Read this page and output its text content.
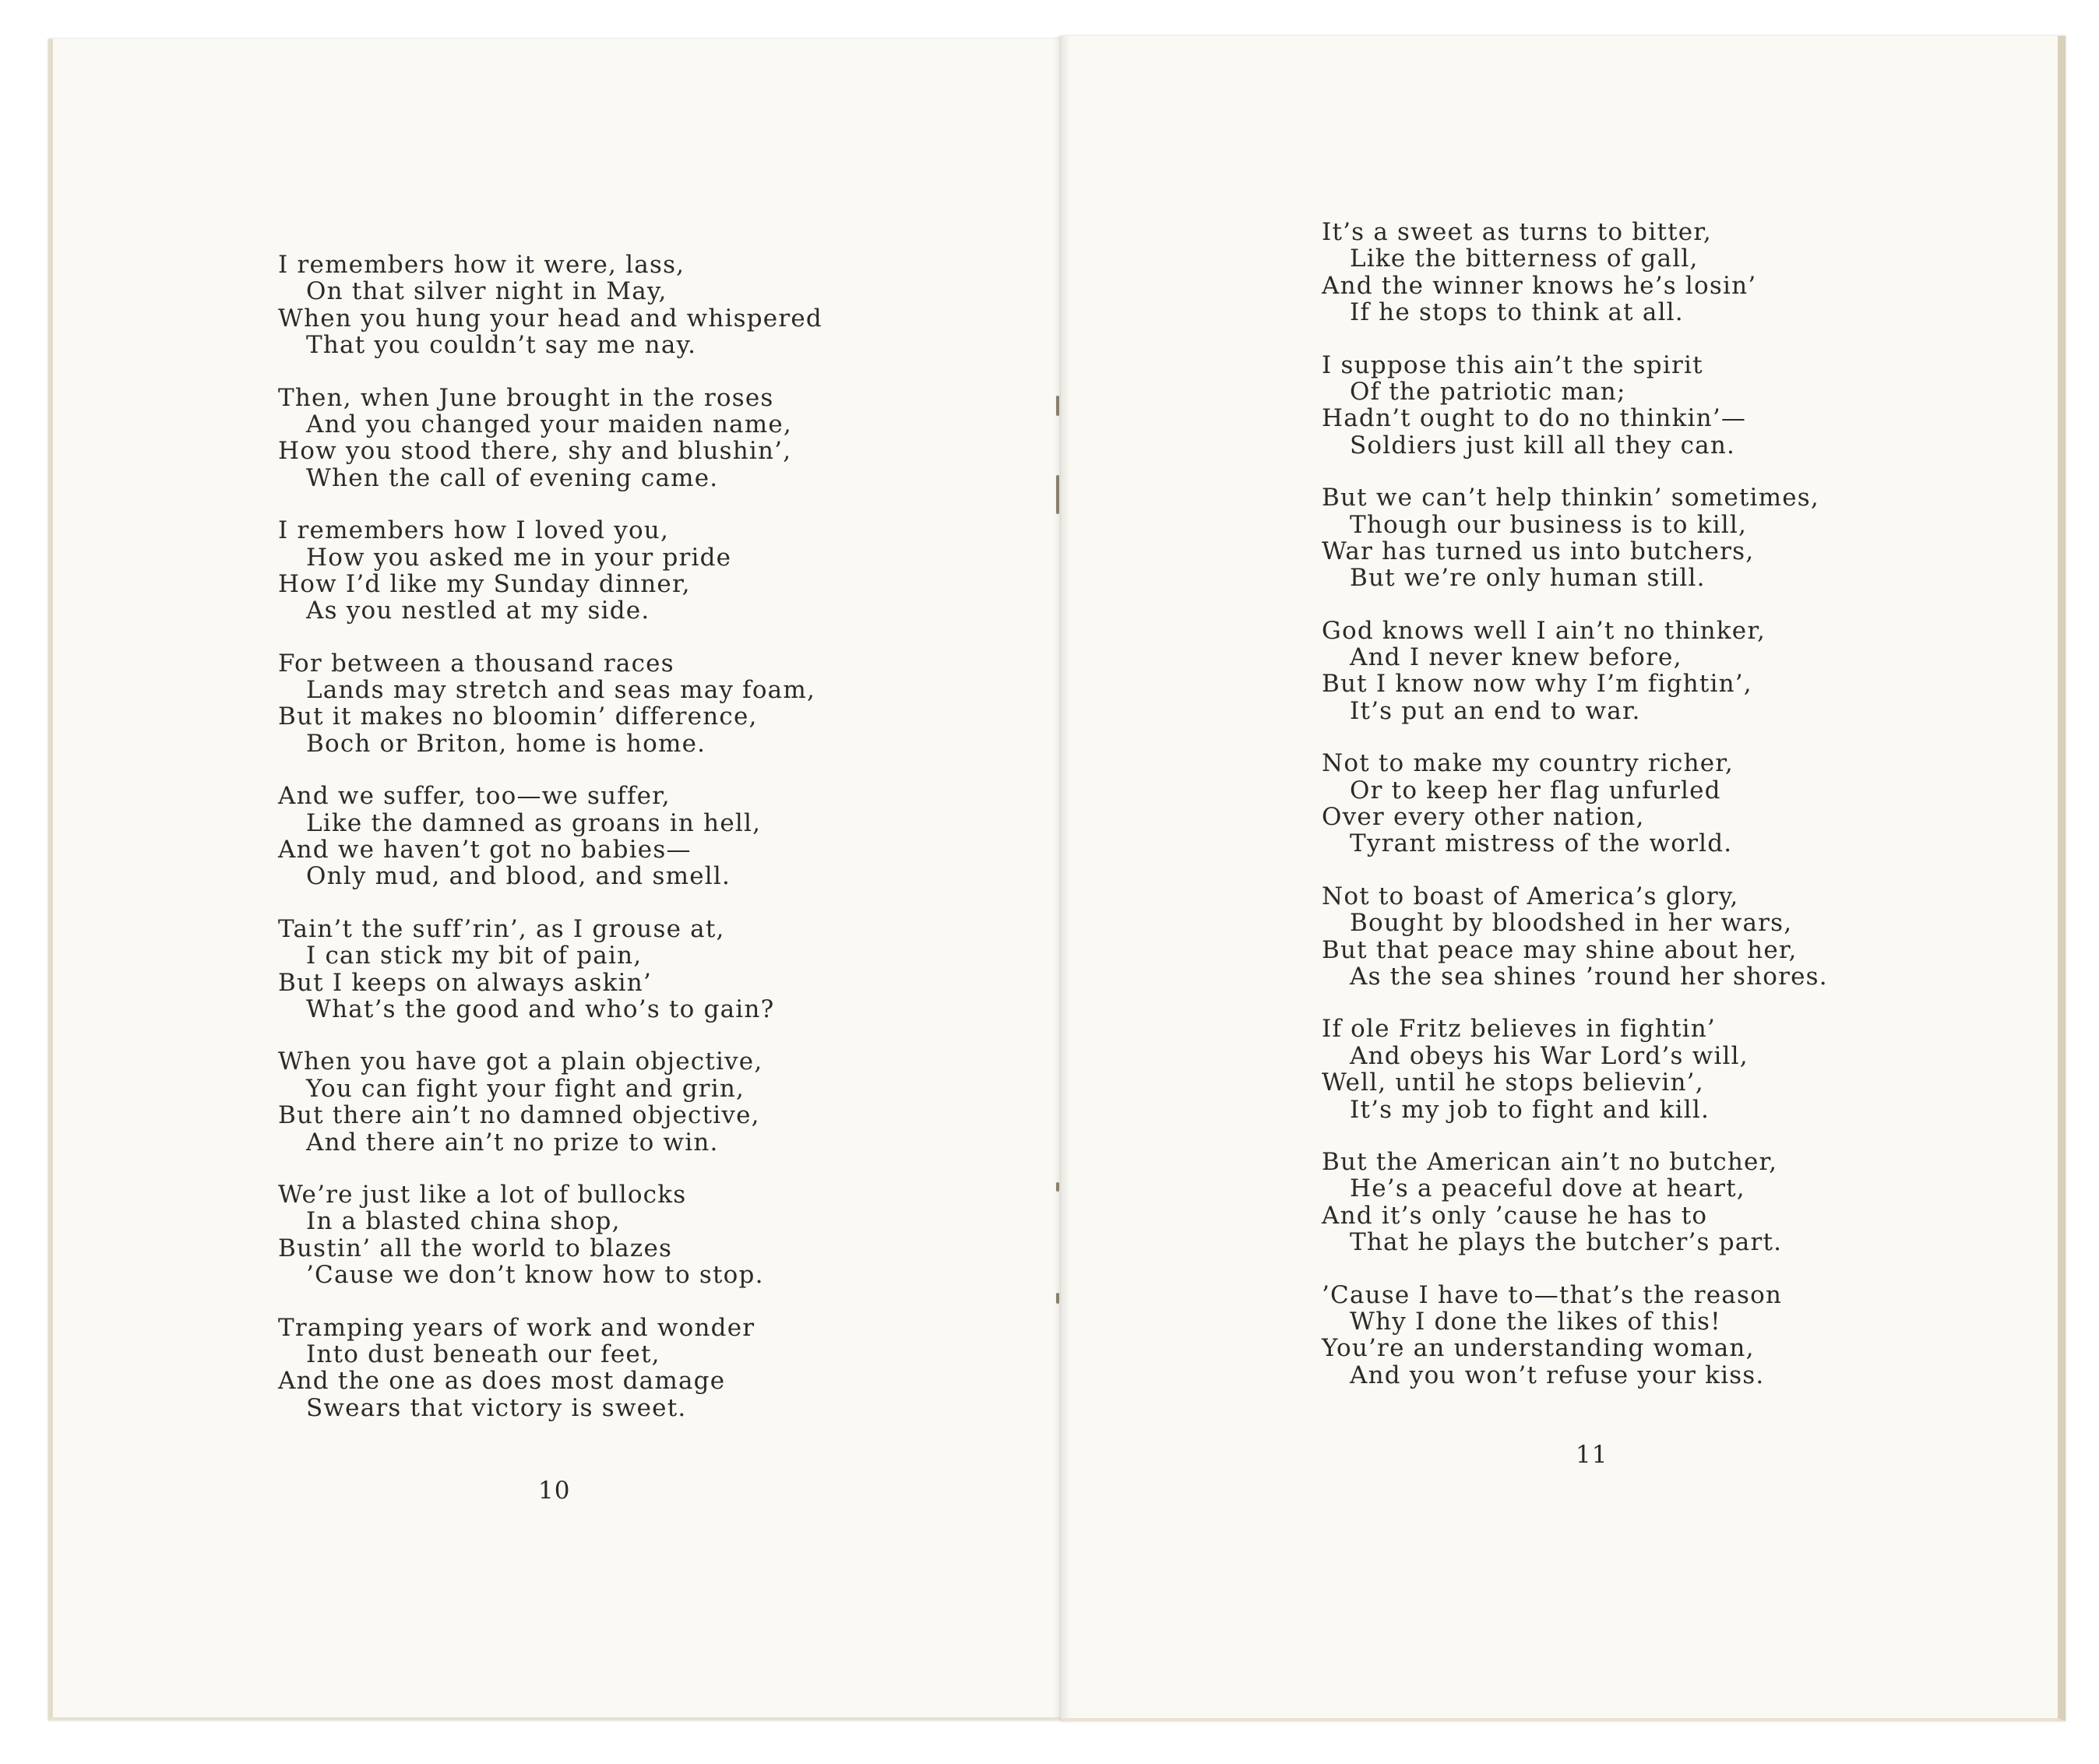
I remembers how it were, lass,
On that silver night in May,
When you hung your head and whispered
That you couldn’t say me nay.
Then, when June brought in the roses
And you changed your maiden name,
How you stood there, shy and blushin’,
When the call of evening came.
I remembers how I loved you,
How you asked me in your pride
How I’d like my Sunday dinner,
As you nestled at my side.
For between a thousand races
Lands may stretch and seas may foam,
But it makes no bloomin’ difference,
Boch or Briton, home is home.
And we suffer, too—we suffer,
Like the damned as groans in hell,
And we haven’t got no babies—
Only mud, and blood, and smell.
Tain’t the suff’rin’, as I grouse at,
I can stick my bit of pain,
But I keeps on always askin’
What’s the good and who’s to gain?
When you have got a plain objective,
You can fight your fight and grin,
But there ain’t no damned objective,
And there ain’t no prize to win.
We’re just like a lot of bullocks
In a blasted china shop,
Bustin’ all the world to blazes
’Cause we don’t know how to stop.
Tramping years of work and wonder
Into dust beneath our feet,
And the one as does most damage
Swears that victory is sweet.
10
It’s a sweet as turns to bitter,
Like the bitterness of gall,
And the winner knows he’s losin’
If he stops to think at all.
I suppose this ain’t the spirit
Of the patriotic man;
Hadn’t ought to do no thinkin’—
Soldiers just kill all they can.
But we can’t help thinkin’ sometimes,
Though our business is to kill,
War has turned us into butchers,
But we’re only human still.
God knows well I ain’t no thinker,
And I never knew before,
But I know now why I’m fightin’,
It’s put an end to war.
Not to make my country richer,
Or to keep her flag unfurled
Over every other nation,
Tyrant mistress of the world.
Not to boast of America’s glory,
Bought by bloodshed in her wars,
But that peace may shine about her,
As the sea shines ’round her shores.
If ole Fritz believes in fightin’
And obeys his War Lord’s will,
Well, until he stops believin’,
It’s my job to fight and kill.
But the American ain’t no butcher,
He’s a peaceful dove at heart,
And it’s only ’cause he has to
That he plays the butcher’s part.
’Cause I have to—that’s the reason
Why I done the likes of this!
You’re an understanding woman,
And you won’t refuse your kiss.
11
